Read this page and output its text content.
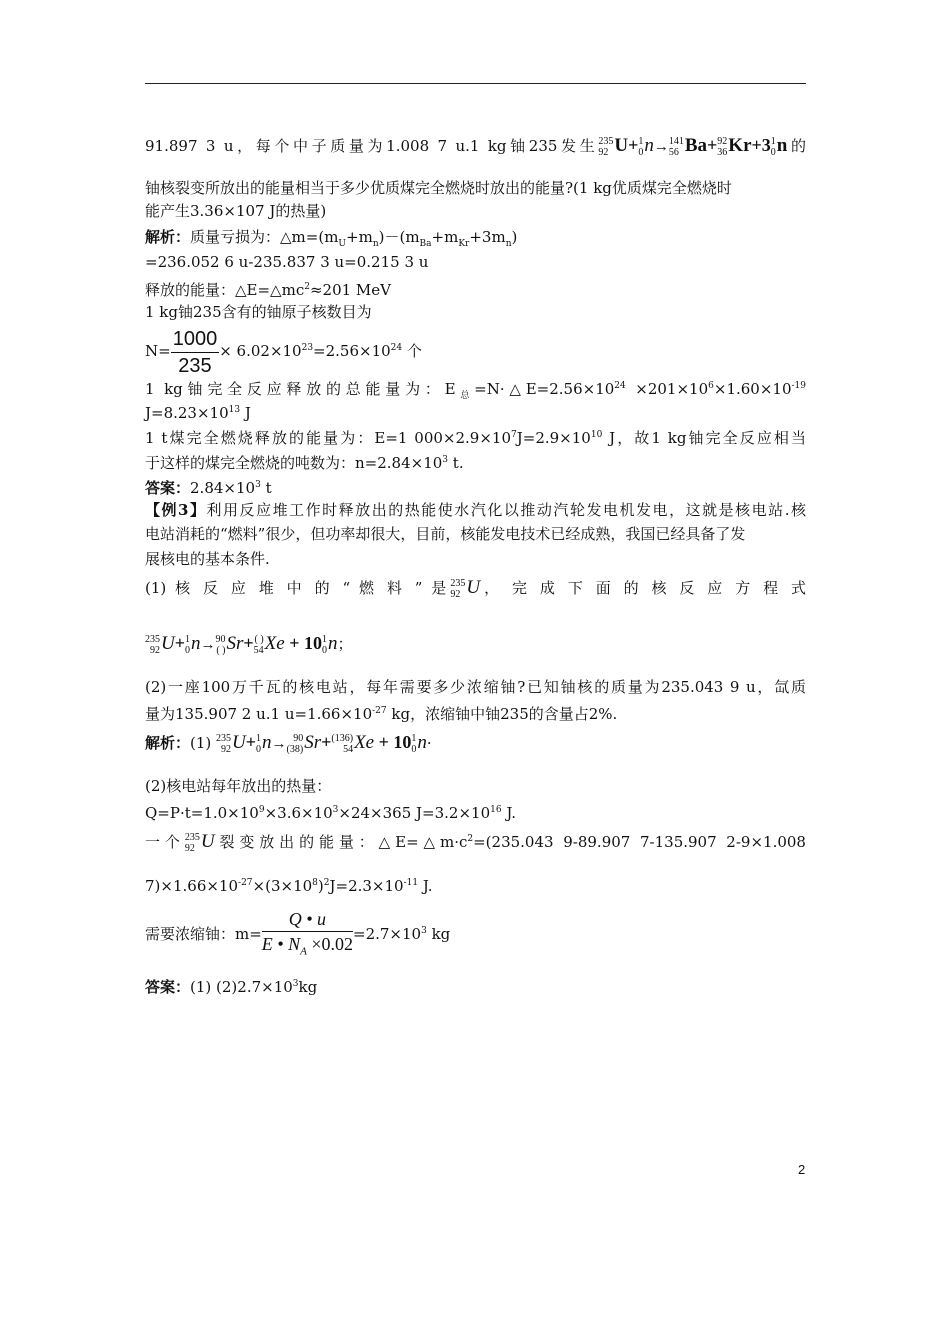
91.897 3 u，每个中子质量为1.008 7 u.1 kg铀235发生 235
92 U+ 1
0 n→ 141
56 Ba+ 92
36 Kr+3 1
0 n的
铀核裂变所放出的能量相当于多少优质煤完全燃烧时放出的能量?(1 kg优质煤完全燃烧时
能产生3.36×107 J的热量)
解析：质量亏损为：$\triangle m=(m_U+m_n)-(m_{Ba}+m_{Kr}+3m_n)$
=236.052 6 u-235.837 3 u=0.215 3 u
释放的能量：$\triangle E=\triangle mc^2\approx 201$ MeV
1 kg铀235含有的铀原子核数目为
$N= \frac{1000}{235} \times 6.02\times 10^{23}=2.56\times 10^{24}$ 个
1 kg铀完全反应释放的总能量为：$E_总=N\cdot\triangle E=2.56\times 10^{24} \times 201\times 10^6\times 1.60\times 10^{-19}$
$J=8.23\times 10^{13}$ J
1 t煤完全燃烧释放的能量为：E=1 $000\times 2.9\times 10^7J=2.9\times 10^{10}$ J，故1 kg铀完全反应相当
于这样的煤完全燃烧的吨数为：$n=2.84\times 10^3$ t.
答案：$2.84\times 10^3$ t
【例3】利用反应堆工作时释放出的热能使水汽化以推动汽轮发电机发电，这就是核电站.核
电站消耗的“燃料”很少，但功率却很大，目前，核能发电技术已经成熟，我国已经具备了发
展核电的基本条件.
(1) 核 反 应 堆 中 的 “ 燃 料 ” 是 235
92 U， 完 成 下 面 的 核 反 应 方 程 式
235
92 U+ 1
0 n→ 90
( ) Sr+ ( )
54 Xe + 10 1
0 n；
(2)一座100万千瓦的核电站，每年需要多少浓缩铀?已知铀核的质量为235.043 9 u，氙质
量为135.907 2 u.1 $u=1.66\times 10^{-27}$ kg，浓缩铀中铀235的含量占2%.
解析：(1) 235
92 U+ 1
0 n→ 90
(38) Sr+ (136)
54 Xe + 10 1
0 n·
(2)核电站每年放出的热量：
$Q=P\cdot t=1.0\times 10^9\times 3.6\times 10^3\times 24\times 365$ $J=3.2\times 10^{16}$ J.
一个 235
92 U裂变放出的能量：$\triangle E=\triangle m\cdot c^2=(235.043$ 9-89.907 7-135.907 2-9×1.008
$7)\times 1.66\times 10^{-27}\times(3\times 10^8)^2J=2.3\times 10^{-11}$ J.
需要浓缩铀：$m= \frac{Q • u}{E • N_A \times 0.02} =2.7\times 10^3$ kg
答案：(1) $(2)2.7\times 10^3kg$
2
